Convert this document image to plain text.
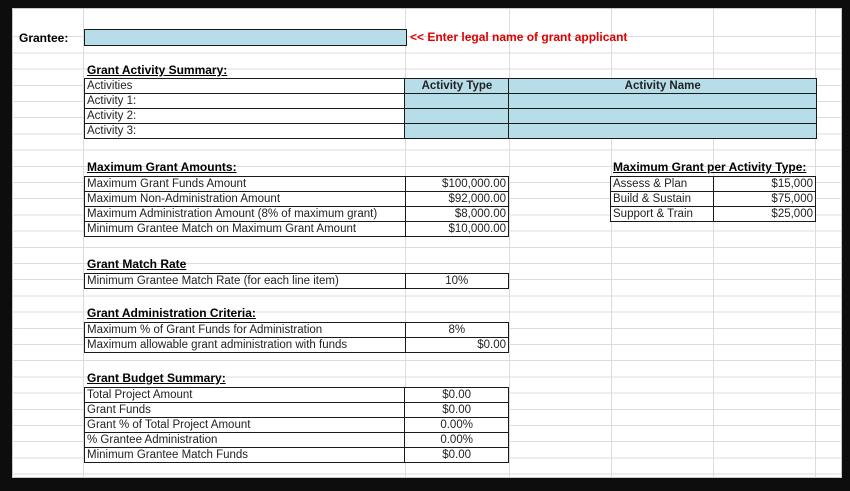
Grantee:	<< Enter legal name of grant applicant
Grant Activity Summary:
Activities	Activity Type	Activity Name
Activity 1:		
Activity 2:		
Activity 3:		
Maximum Grant Amounts:
Maximum Grant Funds Amount	$100,000.00
Maximum Non-Administration Amount	$92,000.00
Maximum Administration Amount (8% of maximum grant)	$8,000.00
Minimum Grantee Match on Maximum Grant Amount	$10,000.00
Maximum Grant per Activity Type:
Assess & Plan	$15,000
Build & Sustain	$75,000
Support & Train	$25,000
Grant Match Rate
Minimum Grantee Match Rate (for each line item)	10%
Grant Administration Criteria:
Maximum % of Grant Funds for Administration	8%
Maximum allowable grant administration with funds	$0.00
Grant Budget Summary:
Total Project Amount	$0.00
Grant Funds	$0.00
Grant % of Total Project Amount	0.00%
% Grantee Administration	0.00%
Minimum Grantee Match Funds	$0.00
